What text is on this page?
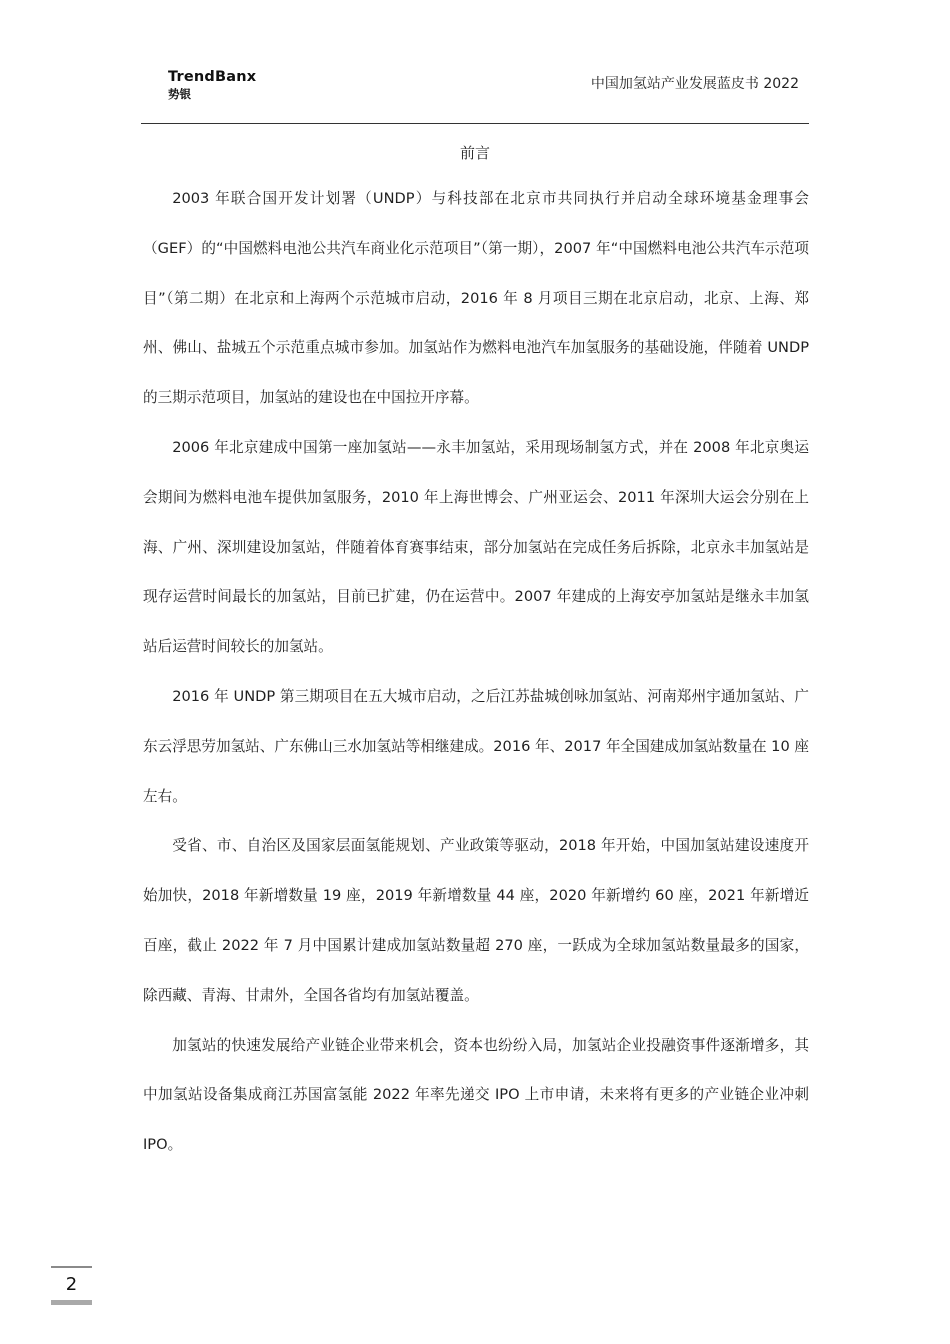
TrendBanx
势银
中国加氢站产业发展蓝皮书 2022
前言

2003 年联合国开发计划署（UNDP）与科技部在北京市共同执行并启动全球环境基金理事会（GEF）的“中国燃料电池公共汽车商业化示范项目”（第一期），2007 年“中国燃料电池公共汽车示范项目”（第二期）在北京和上海两个示范城市启动，2016 年 8 月项目三期在北京启动，北京、上海、郑州、佛山、盐城五个示范重点城市参加。加氢站作为燃料电池汽车加氢服务的基础设施，伴随着 UNDP 的三期示范项目，加氢站的建设也在中国拉开序幕。

2006 年北京建成中国第一座加氢站——永丰加氢站，采用现场制氢方式，并在 2008 年北京奥运会期间为燃料电池车提供加氢服务，2010 年上海世博会、广州亚运会、2011 年深圳大运会分别在上海、广州、深圳建设加氢站，伴随着体育赛事结束，部分加氢站在完成任务后拆除，北京永丰加氢站是现存运营时间最长的加氢站，目前已扩建，仍在运营中。2007 年建成的上海安亭加氢站是继永丰加氢站后运营时间较长的加氢站。

2016 年 UNDP 第三期项目在五大城市启动，之后江苏盐城创咏加氢站、河南郑州宇通加氢站、广东云浮思劳加氢站、广东佛山三水加氢站等相继建成。2016 年、2017 年全国建成加氢站数量在 10 座左右。

受省、市、自治区及国家层面氢能规划、产业政策等驱动，2018 年开始，中国加氢站建设速度开始加快，2018 年新增数量 19 座，2019 年新增数量 44 座，2020 年新增约 60 座，2021 年新增近百座，截止 2022 年 7 月中国累计建成加氢站数量超 270 座，一跃成为全球加氢站数量最多的国家，除西藏、青海、甘肃外，全国各省均有加氢站覆盖。

加氢站的快速发展给产业链企业带来机会，资本也纷纷入局，加氢站企业投融资事件逐渐增多，其中加氢站设备集成商江苏国富氢能 2022 年率先递交 IPO 上市申请，未来将有更多的产业链企业冲刺 IPO。

2
